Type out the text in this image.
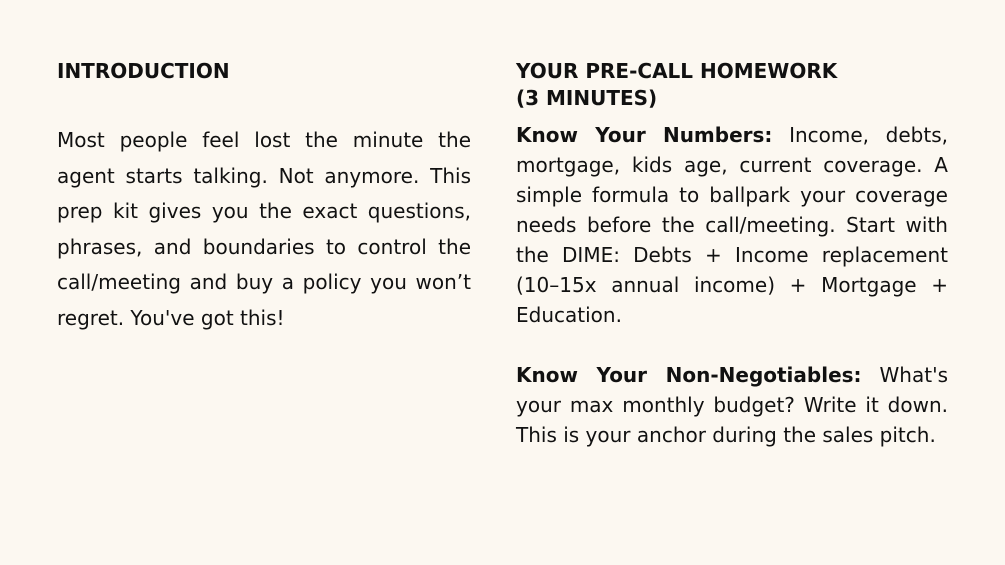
INTRODUCTION

Most people feel lost the minute the agent starts talking. Not anymore. This prep kit gives you the exact questions, phrases, and boundaries to control the call/meeting and buy a policy you won’t regret. You've got this!

YOUR PRE-CALL HOMEWORK
(3 MINUTES)

Know Your Numbers: Income, debts, mortgage, kids age, current coverage. A simple formula to ballpark your coverage needs before the call/meeting. Start with the DIME: Debts + Income replacement (10–15x annual income) + Mortgage + Education.

Know Your Non-Negotiables: What's your max monthly budget? Write it down. This is your anchor during the sales pitch.
